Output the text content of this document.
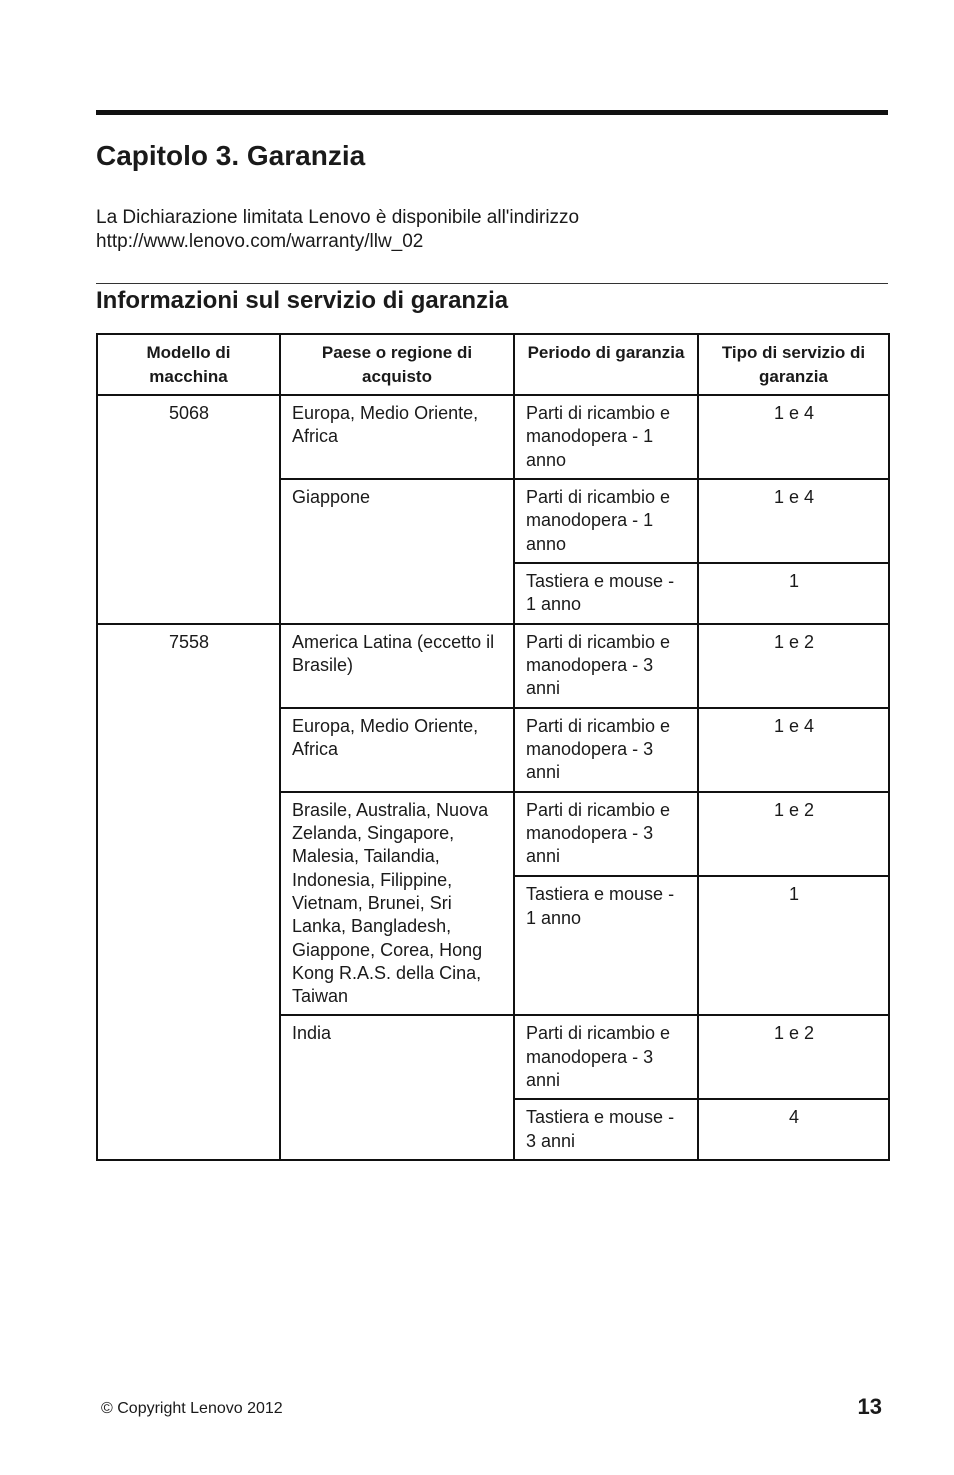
Capitolo 3. Garanzia

La Dichiarazione limitata Lenovo è disponibile all'indirizzo
http://www.lenovo.com/warranty/llw_02

Informazioni sul servizio di garanzia
Modello di macchina	Paese o regione di acquisto	Periodo di garanzia	Tipo di servizio di garanzia
5068	Europa, Medio Oriente, Africa	Parti di ricambio e manodopera - 1 anno	1 e 4
	Giappone	Parti di ricambio e manodopera - 1 anno	1 e 4
		Tastiera e mouse - 1 anno	1
7558	America Latina (eccetto il Brasile)	Parti di ricambio e manodopera - 3 anni	1 e 2
	Europa, Medio Oriente, Africa	Parti di ricambio e manodopera - 3 anni	1 e 4
	Brasile, Australia, Nuova Zelanda, Singapore, Malesia, Tailandia, Indonesia, Filippine, Vietnam, Brunei, Sri Lanka, Bangladesh, Giappone, Corea, Hong Kong R.A.S. della Cina, Taiwan	Parti di ricambio e manodopera - 3 anni	1 e 2
		Tastiera e mouse - 1 anno	1
	India	Parti di ricambio e manodopera - 3 anni	1 e 2
		Tastiera e mouse - 3 anni	4
© Copyright Lenovo 2012	13
